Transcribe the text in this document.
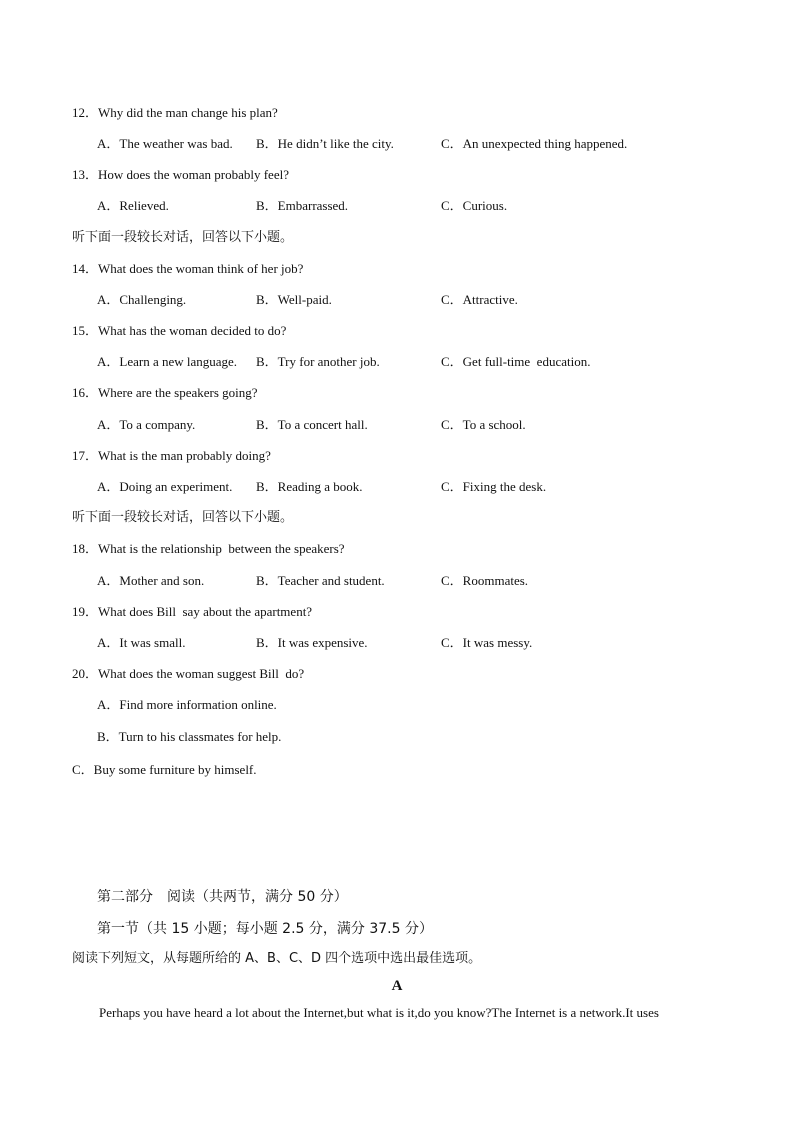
12．Why did the man change his plan?
A．The weather was bad. B．He didn’t like the city.	C．An unexpected thing happened.
13．How does the woman probably feel?
A．Relieved.	B．Embarrassed.	C．Curious.
听下面一段较长对话，回答以下小题。
14．What does the woman think of her job?
A．Challenging.	B．Well-paid.	C．Attractive.
15．What has the woman decided to do?
A．Learn a new language. B．Try for another job.	C．Get full-time  education.
16．Where are the speakers going?
A．To a company.	B．To a concert hall.	C．To a school.
17．What is the man probably doing?
A．Doing an experiment. B．Reading a book.	C．Fixing the desk.
听下面一段较长对话，回答以下小题。
18．What is the relationship  between the speakers?
A．Mother and son.	B．Teacher and student.	C．Roommates.
19．What does Bill  say about the apartment?
A．It was small.	B．It was expensive.	C．It was messy.
20．What does the woman suggest Bill  do?
A．Find more information online.
B．Turn to his classmates for help.
C．Buy some furniture by himself.
第二部分　阅读（共两节，满分 50 分）
第一节（共 15 小题；每小题 2.5 分，满分 37.5 分）
阅读下列短文，从每题所给的 A、B、C、D 四个选项中选出最佳选项。
A
Perhaps you have heard a lot about the Internet,but what is it,do you know?The Internet is a network.It uses
